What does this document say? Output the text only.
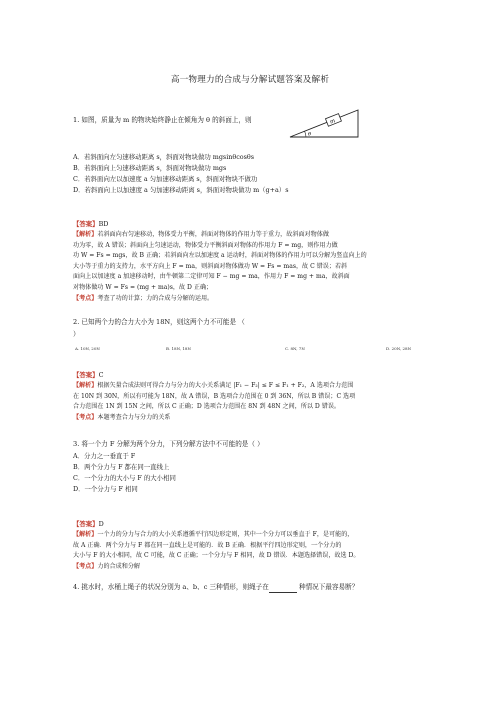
高一物理力的合成与分解试题答案及解析
1. 如图，质量为 m 的物块始终静止在倾角为 θ 的斜面上，则	m
θ
A．若斜面向左匀速移动距离 s，斜面对物块做功 mgsinθcosθs
B．若斜面向上匀速移动距离 s，斜面对物块做功 mgs
C．若斜面向左以加速度 a 匀加速移动距离 s，斜面对物块不做功
D．若斜面向上以加速度 a 匀加速移动距离 s，斜面对物块做功 m（g+a）s
【答案】BD
【解析】若斜面向右匀速移动，物体受力平衡，斜面对物体的作用力等于重力，故斜面对物体做
功为零，故 A 错误；斜面向上匀速运动，物体受力平衡斜面对物体的作用力 F = mg，则作用力做
功 W = Fs = mgs，故 B 正确；若斜面向左以加速度 a 运动时，斜面对物体的作用力可以分解为竖直向上的
大小等于重力的支持力，水平方向上 F = ma，则斜面对物体做功 W = Fs = mas，故 C 错误；若斜
面向上以加速度 a 加速移动时，由牛顿第二定律可知 F − mg = ma，作用力 F = mg + ma，故斜面
对物体做功 W = Fs = (mg + ma)s，故 D 正确；
【考点】考查了功的计算；力的合成与分解的运用。
2. 已知两个力的合力大小为 18N，则这两个力不可能是 （
）
A. 10N, 20N	B. 18N, 18N	C. 8N, 7N	D. 20N, 28N
【答案】C
【解析】根据矢量合成法则可得合力与分力的大小关系满足 |F₁ − F₂| ≤ F ≤ F₁ + F₂，A 选项合力范围
在 10N 到 30N，所以有可能为 18N，故 A 错误，B 选项合力范围在 0 到 36N，所以 B 错误；C 选项
合力范围在 1N 到 15N 之间，所以 C 正确；D 选项合力范围在 8N 到 48N 之间，所以 D 错误。
【考点】本题考查合力与分力的关系
3. 将一个力 F 分解为两个分力，下列分解方法中不可能的是（ ）
A．分力之一垂直于 F
B．两个分力与 F 都在同一直线上
C．一个分力的大小与 F 的大小相同
D．一个分力与 F 相同
【答案】D
【解析】一个力的分力与合力的大小关系遵循平行四边形定则，其中一个分力可以垂直于 F，是可能的，
故 A 正确．两个分力与 F 都在同一直线上是可能的．故 B 正确．根据平行四边形定则，一个分力的
大小与 F 的大小相同，故 C 可能，故 C 正确；一个分力与 F 相同，故 D 错误．本题选择错误，故选 D。
【考点】力的合成和分解
4. 挑水时，水桶上绳子的状况分别为 a、b、c 三种情形，则绳子在	种情况下最容易断？
